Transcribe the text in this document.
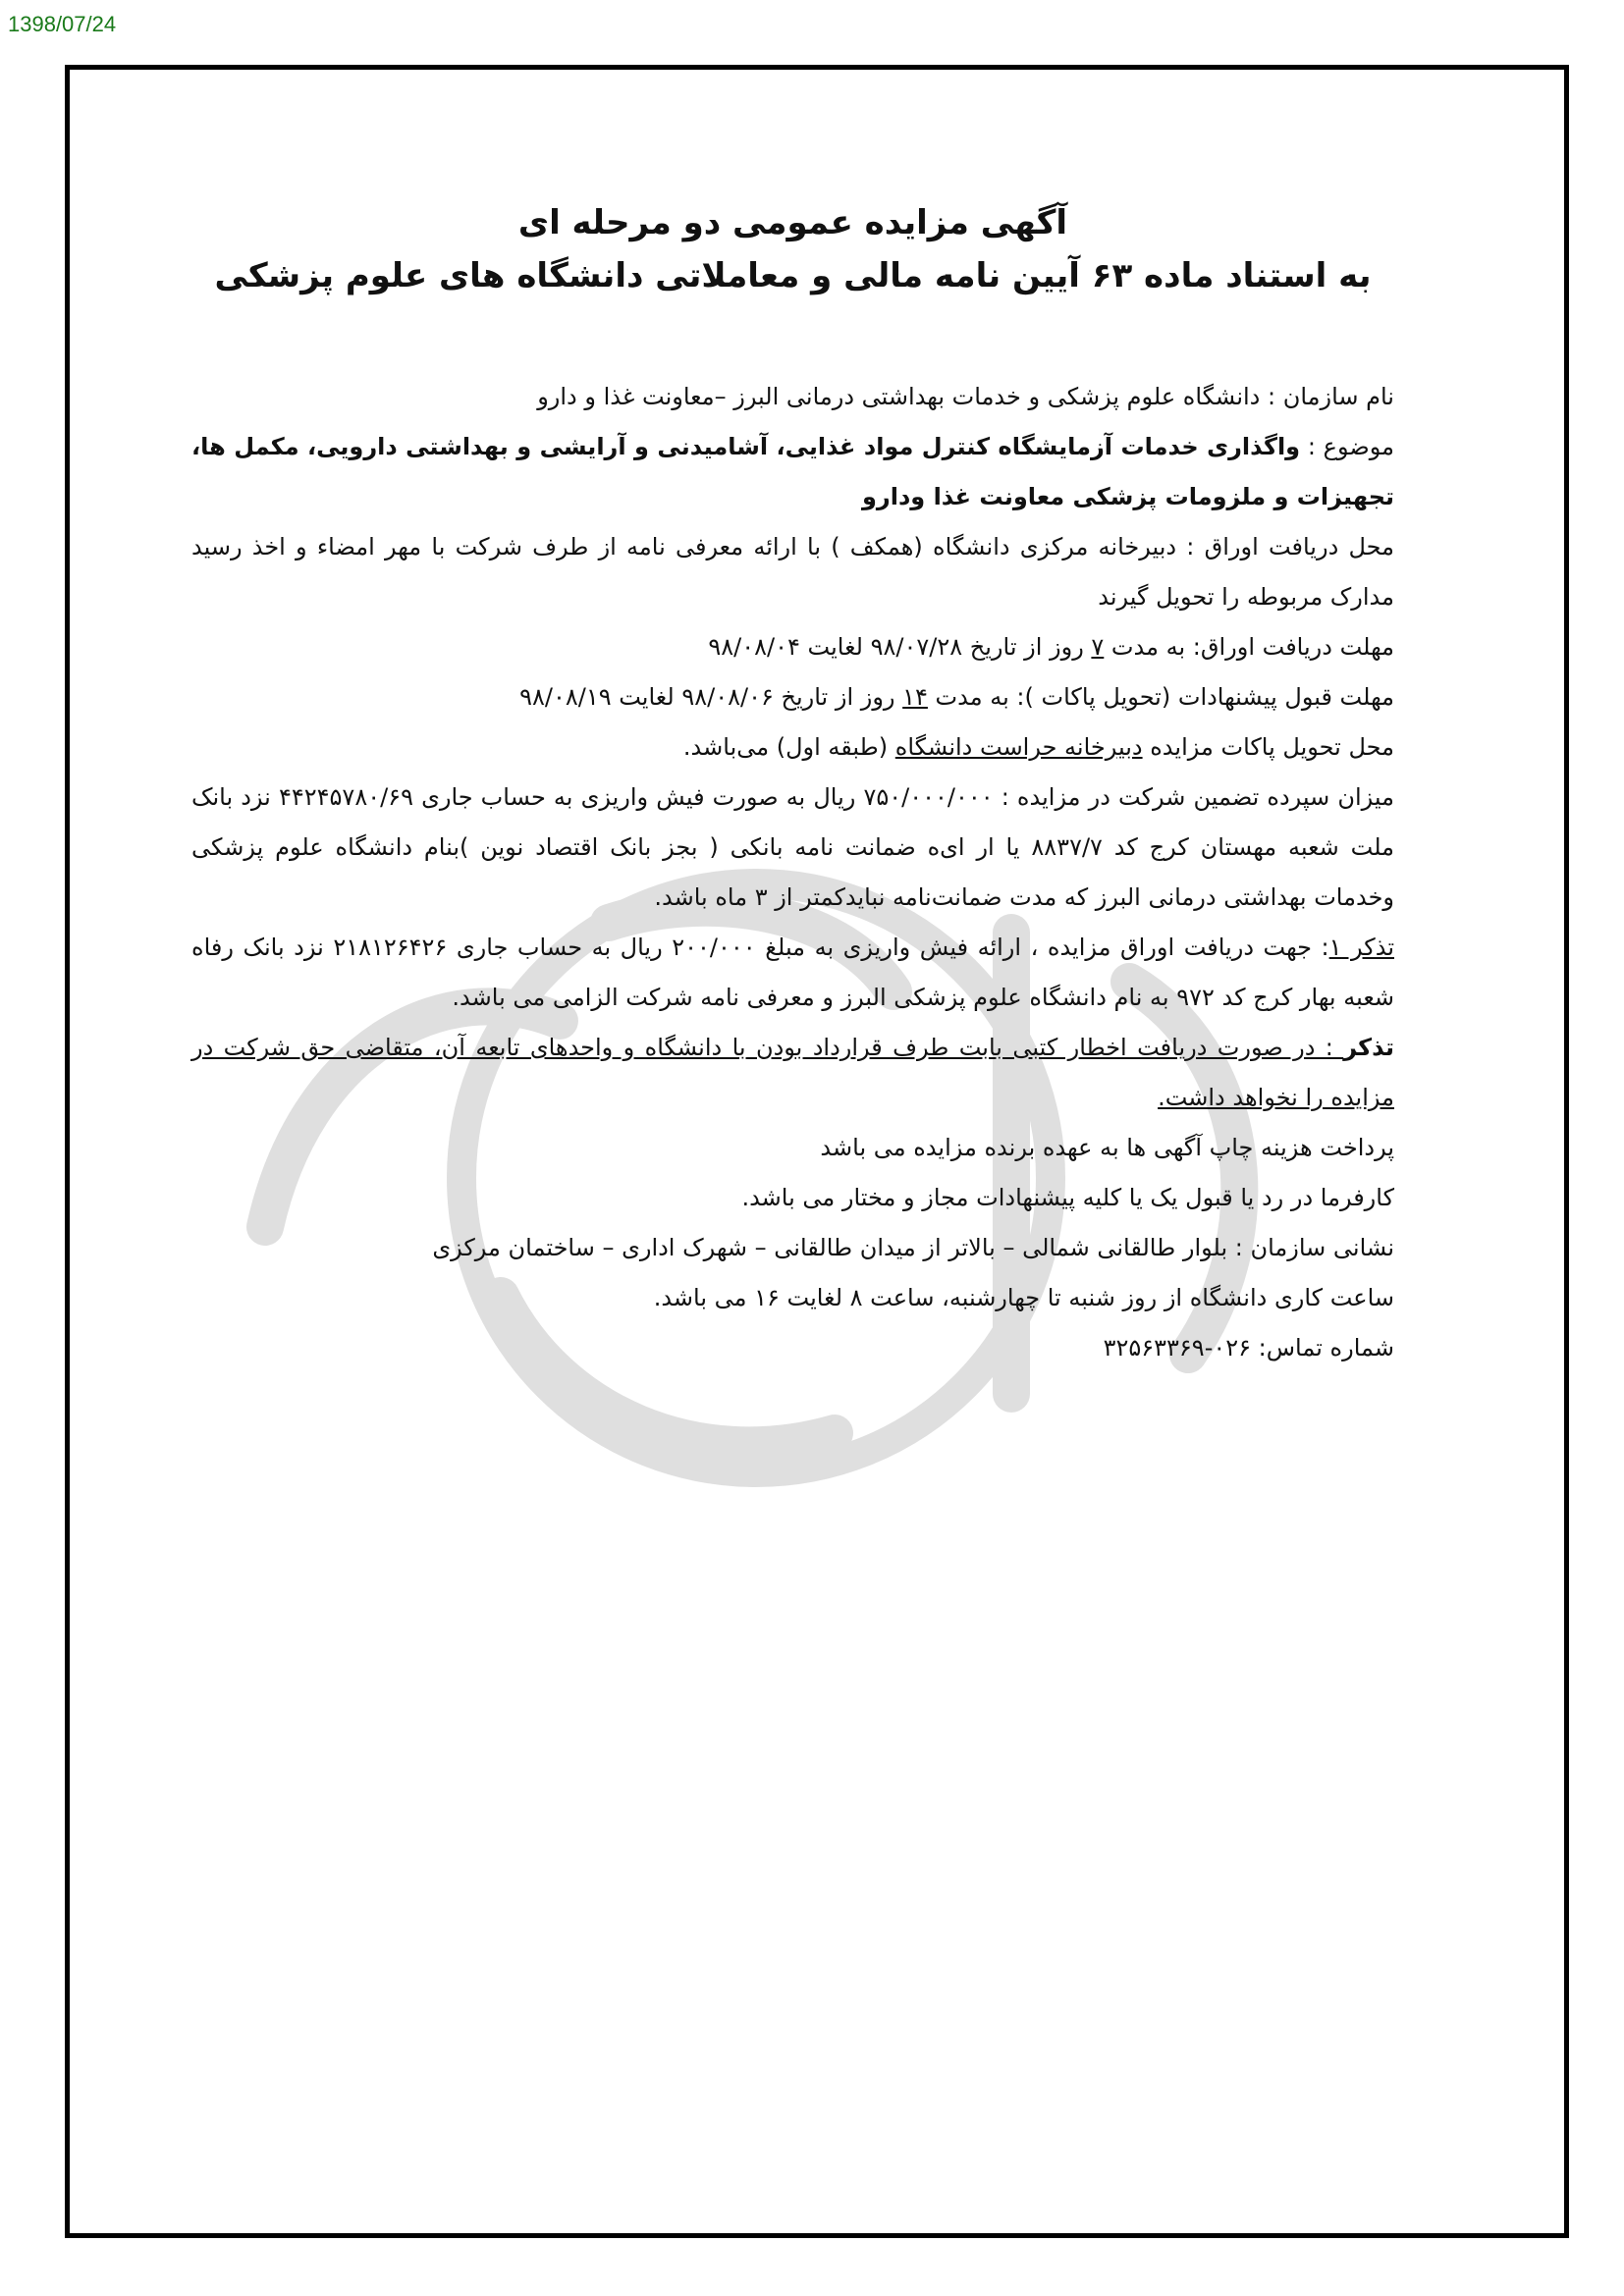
1398/07/24
آگهی مزایده عمومی دو مرحله ای
به استناد ماده ۶۳ آیین نامه مالی و معاملاتی دانشگاه های علوم پزشکی
نام سازمان : دانشگاه علوم پزشکی و خدمات بهداشتی درمانی البرز –معاونت غذا و دارو
موضوع : واگذاری خدمات آزمایشگاه کنترل مواد غذایی، آشامیدنی و آرایشی و بهداشتی دارویی، مکمل ها، تجهیزات و ملزومات پزشکی معاونت غذا ودارو
محل دریافت اوراق : دبیرخانه مرکزی دانشگاه (همکف ) با ارائه معرفی نامه از طرف شرکت با مهر امضاء و اخذ رسید مدارک مربوطه را تحویل گیرند
مهلت دریافت اوراق: به مدت ۷ روز از تاریخ ۹۸/۰۷/۲۸ لغایت ۹۸/۰۸/۰۴
مهلت قبول پیشنهادات (تحویل پاکات ): به مدت ۱۴ روز از تاریخ ۹۸/۰۸/۰۶ لغایت ۹۸/۰۸/۱۹
محل تحویل پاکات مزایده دبیرخانه حراست دانشگاه (طبقه اول) می‌باشد.
میزان سپرده تضمین شرکت در مزایده : ۷۵۰/۰۰۰/۰۰۰ ریال به صورت فیش واریزی به حساب جاری ۴۴۲۴۵۷۸۰/۶۹ نزد بانک ملت شعبه مهستان کرج کد ۸۸۳۷/۷ یا ار ای‌ه ضمانت نامه بانکی ( بجز بانک اقتصاد نوین )بنام دانشگاه علوم پزشکی وخدمات بهداشتی درمانی البرز که مدت ضمانت‌نامه نبایدکمتر از ۳ ماه باشد.
تذکر ۱: جهت دریافت اوراق مزایده ، ارائه فیش واریزی به مبلغ ۲۰۰/۰۰۰ ریال به حساب جاری ۲۱۸۱۲۶۴۲۶ نزد بانک رفاه شعبه بهار کرج کد ۹۷۲ به نام دانشگاه علوم پزشکی البرز و معرفی نامه شرکت الزامی می باشد.
تذکر : در صورت دریافت اخطار کتبی بابت طرف قرارداد بودن با دانشگاه و واحدهای تابعه آن، متقاضی حق شرکت در مزایده را نخواهد داشت.
پرداخت هزینه چاپ آگهی ها به عهده برنده مزایده می باشد
کارفرما در رد یا قبول یک یا کلیه پیشنهادات مجاز و مختار می باشد.
نشانی سازمان : بلوار طالقانی شمالی – بالاتر از میدان طالقانی – شهرک اداری – ساختمان مرکزی
ساعت کاری دانشگاه از روز شنبه تا چهارشنبه، ساعت ۸ لغایت ۱۶ می باشد.
شماره تماس: ۰۲۶-۳۲۵۶۳۳۶۹
